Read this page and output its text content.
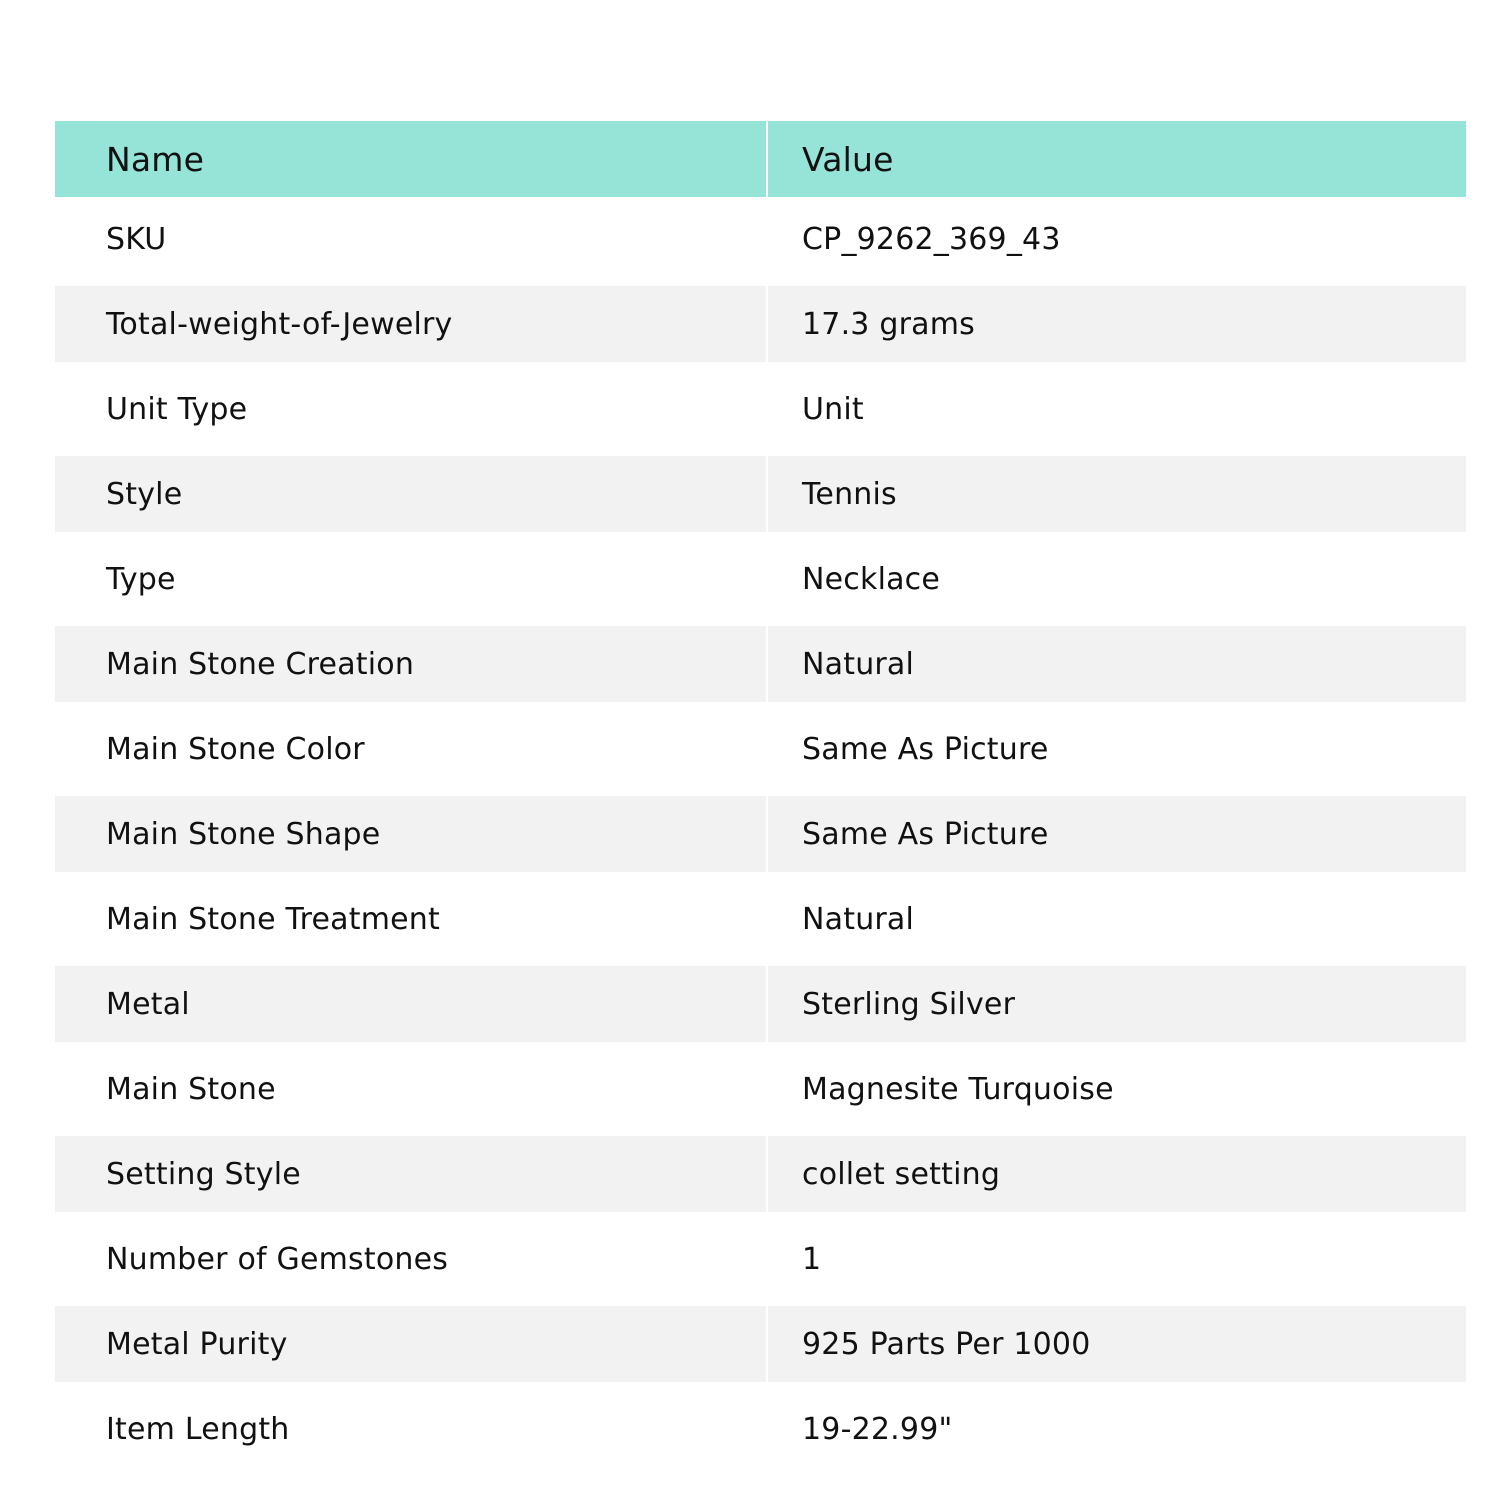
Name	Value
SKU	CP_9262_369_43
Total-weight-of-Jewelry	17.3 grams
Unit Type	Unit
Style	Tennis
Type	Necklace
Main Stone Creation	Natural
Main Stone Color	Same As Picture
Main Stone Shape	Same As Picture
Main Stone Treatment	Natural
Metal	Sterling Silver
Main Stone	Magnesite Turquoise
Setting Style	collet setting
Number of Gemstones	1
Metal Purity	925 Parts Per 1000
Item Length	19-22.99"
